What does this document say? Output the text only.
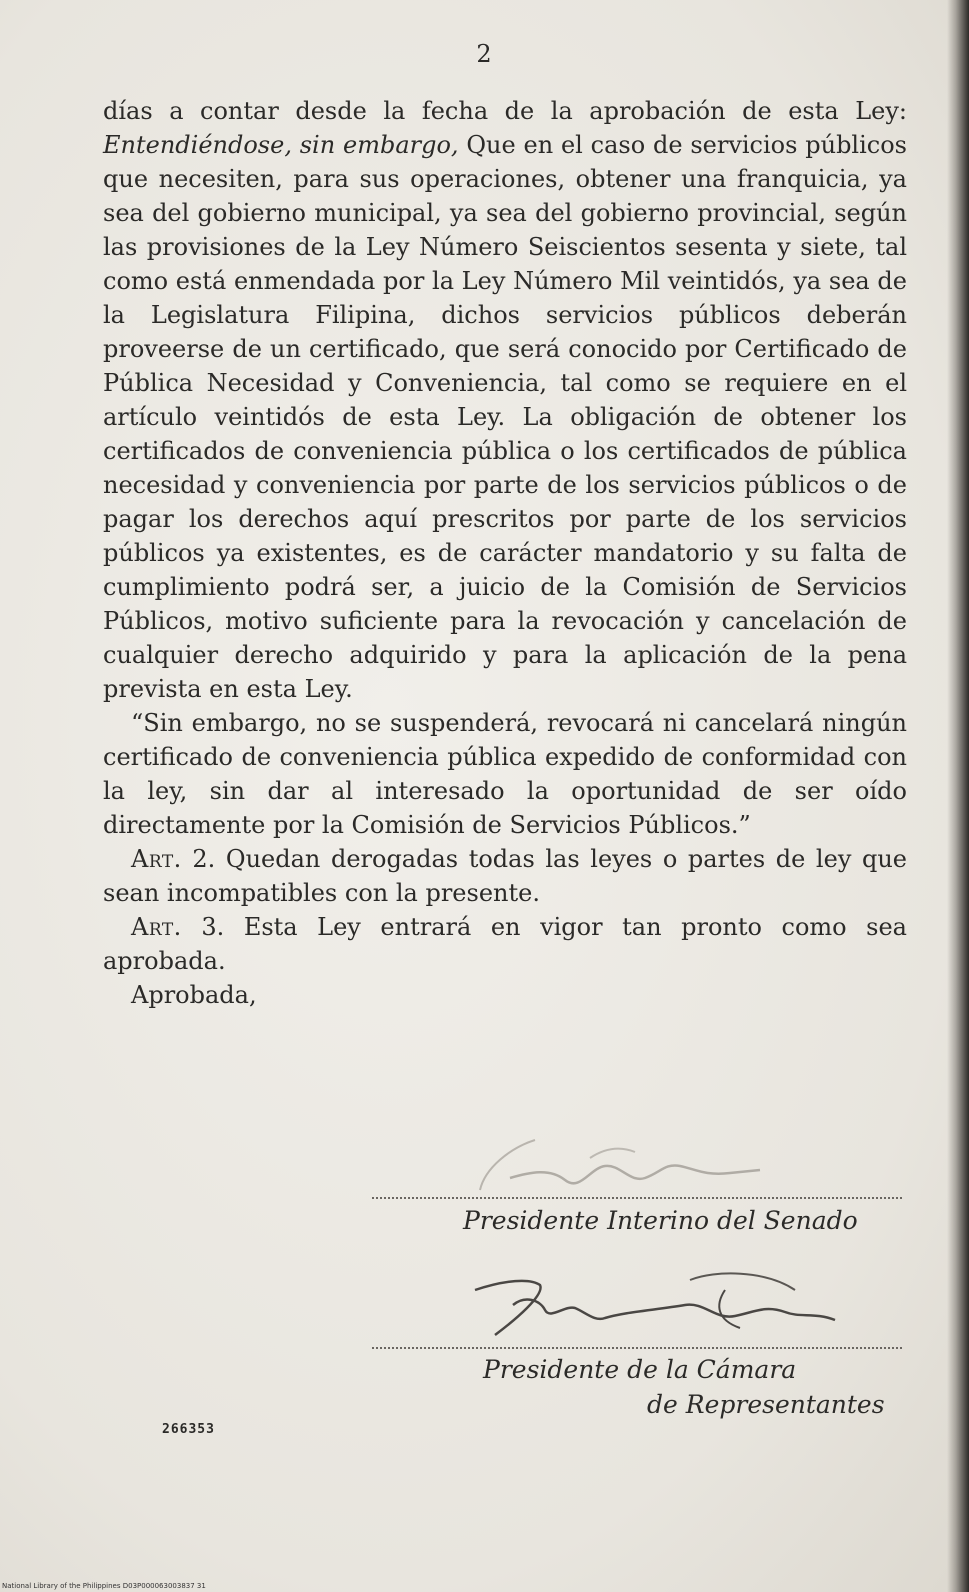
2

días a contar desde la fecha de la aprobación de esta Ley: Entendiéndose, sin embargo, Que en el caso de servicios públicos que necesiten, para sus operaciones, obtener una franquicia, ya sea del gobierno municipal, ya sea del gobierno provincial, según las provisiones de la Ley Número Seiscientos sesenta y siete, tal como está enmendada por la Ley Número Mil veintidós, ya sea de la Legislatura Filipina, dichos servicios públicos deberán proveerse de un certificado, que será conocido por Certificado de Pública Necesidad y Conveniencia, tal como se requiere en el artículo veintidós de esta Ley. La obligación de obtener los certificados de conveniencia pública o los certificados de pública necesidad y conveniencia por parte de los servicios públicos o de pagar los derechos aquí prescritos por parte de los servicios públicos ya existentes, es de carácter mandatorio y su falta de cumplimiento podrá ser, a juicio de la Comisión de Servicios Públicos, motivo suficiente para la revocación y cancelación de cualquier derecho adquirido y para la aplicación de la pena prevista en esta Ley.

“Sin embargo, no se suspenderá, revocará ni cancelará ningún certificado de conveniencia pública expedido de conformidad con la ley, sin dar al interesado la oportunidad de ser oído directamente por la Comisión de Servicios Públicos.”

Art. 2. Quedan derogadas todas las leyes o partes de ley que sean incompatibles con la presente.

Art. 3. Esta Ley entrará en vigor tan pronto como sea aprobada.

Aprobada,

Presidente Interino del Senado
Presidente de la Cámara
de Representantes
266353
National Library of the Philippines D03P000063003837 31
